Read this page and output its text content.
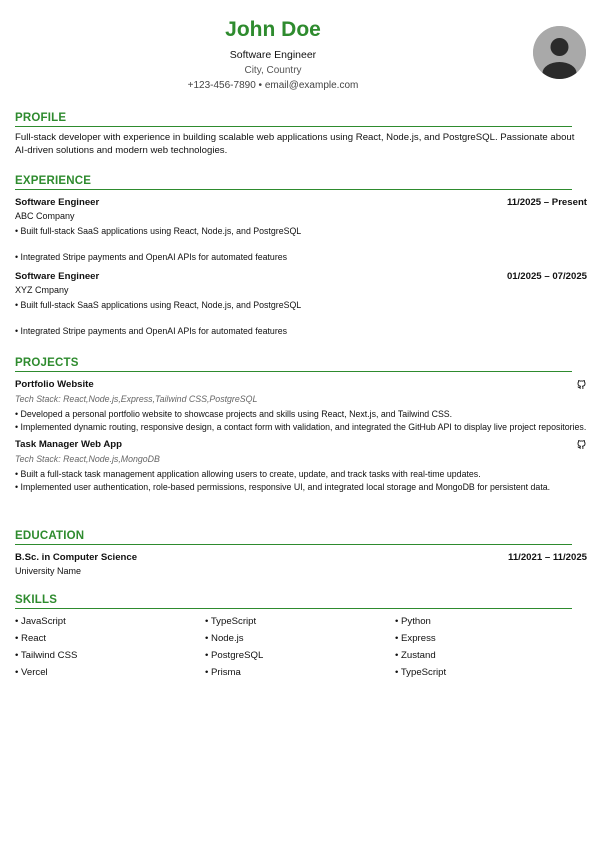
John Doe
Software Engineer
City, Country
+123-456-7890 • email@example.com
PROFILE
Full-stack developer with experience in building scalable web applications using React, Node.js, and PostgreSQL. Passionate about AI-driven solutions and modern web technologies.
EXPERIENCE
Software Engineer	11/2025 – Present
ABC Company
• Built full-stack SaaS applications using React, Node.js, and PostgreSQL
• Integrated Stripe payments and OpenAI APIs for automated features
Software Engineer	01/2025 – 07/2025
XYZ Cmpany
• Built full-stack SaaS applications using React, Node.js, and PostgreSQL
• Integrated Stripe payments and OpenAI APIs for automated features
PROJECTS
Portfolio Website
Tech Stack: React,Node.js,Express,Tailwind CSS,PostgreSQL
• Developed a personal portfolio website to showcase projects and skills using React, Next.js, and Tailwind CSS.
• Implemented dynamic routing, responsive design, a contact form with validation, and integrated the GitHub API to display live project repositories.
Task Manager Web App
Tech Stack: React,Node.js,MongoDB
• Built a full-stack task management application allowing users to create, update, and track tasks with real-time updates.
• Implemented user authentication, role-based permissions, responsive UI, and integrated local storage and MongoDB for persistent data.
EDUCATION
B.Sc. in Computer Science	11/2021 – 11/2025
University Name
SKILLS
• JavaScript	• TypeScript	• Python
• React	• Node.js	• Express
• Tailwind CSS	• PostgreSQL	• Zustand
• Vercel	• Prisma	• TypeScript
